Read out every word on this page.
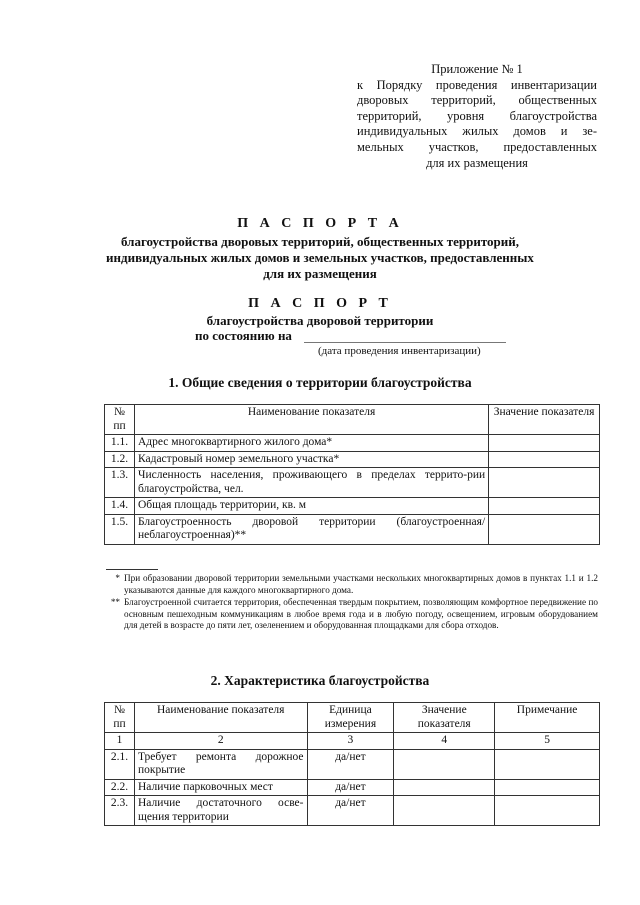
Приложение № 1
к Порядку проведения инвентаризации
дворовых территорий, общественных
территорий, уровня благоустройства
индивидуальных жилых домов и зе-
мельных участков, предоставленных
для их размещения
П А С П О Р Т А
благоустройства дворовых территорий, общественных территорий,
индивидуальных жилых домов и земельных участков, предоставленных
для их размещения
П А С П О Р Т
благоустройства дворовой территории
по состоянию на
(дата проведения инвентаризации)
1. Общие сведения о территории благоустройства
№ пп	Наименование показателя	Значение показателя
1.1.	Адрес многоквартирного жилого дома*	
1.2.	Кадастровый номер земельного участка*	
1.3.	Численность населения, проживающего в пределах террито-рии благоустройства, чел.	
1.4.	Общая площадь территории, кв. м	
1.5.	Благоустроенность дворовой территории (благоустроенная/ неблагоустроенная)**	
* При образовании дворовой территории земельными участками нескольких многоквартирных домов в пунктах 1.1 и 1.2 указываются данные для каждого многоквартирного дома.
** Благоустроенной считается территория, обеспеченная твердым покрытием, позволяющим комфортное передвижение по основным пешеходным коммуникациям в любое время года и в любую погоду, освещением, игровым оборудованием для детей в возрасте до пяти лет, озеленением и оборудованная площадками для сбора отходов.
2. Характеристика благоустройства
№ пп	Наименование показателя	Единица измерения	Значение показателя	Примечание
1	2	3	4	5
2.1.	Требует ремонта дорожное покрытие	да/нет		
2.2.	Наличие парковочных мест	да/нет		
2.3.	Наличие достаточного осве-щения территории	да/нет		
